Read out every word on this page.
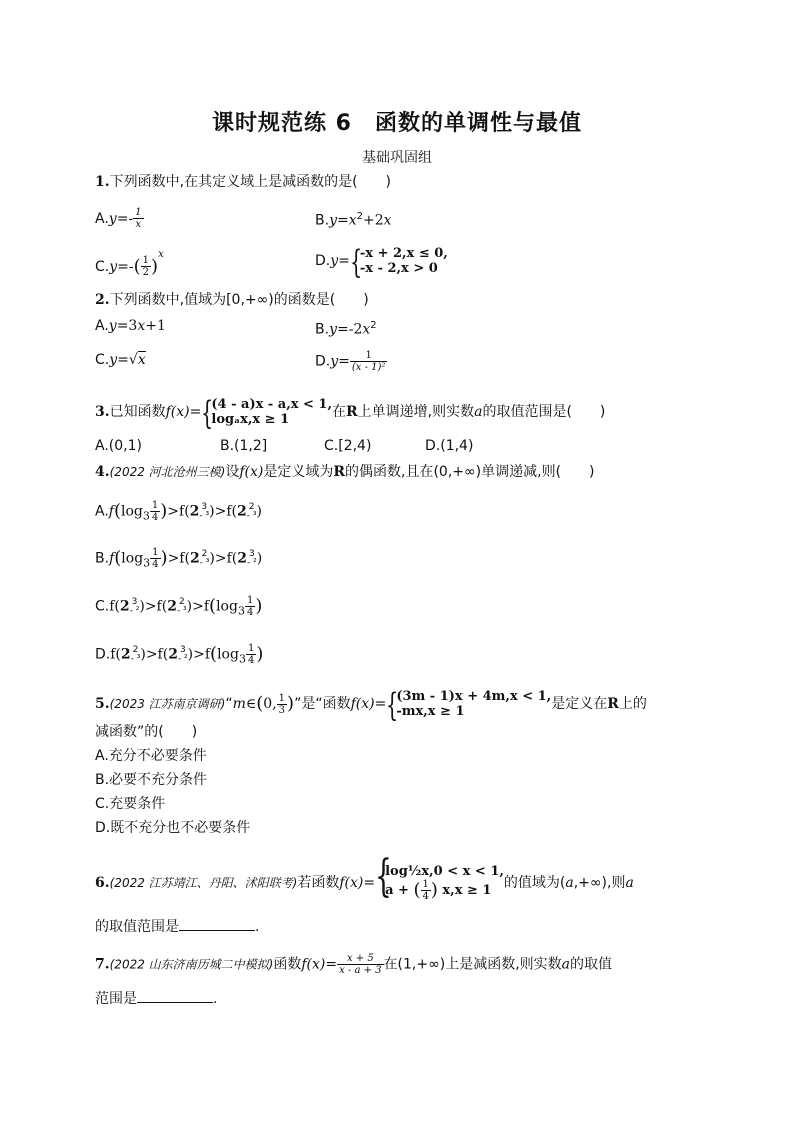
课时规范练 6　函数的单调性与最值
基础巩固组
1.下列函数中,在其定义域上是减函数的是(　　)
$A.y=- \frac{1}{x}$	$B.y=x^2+2x$
$C.y=-( \frac{1}{2} )^x$	D.y= {
-x + 2,x ≤ 0,
-x - 2,x > 0
2.下列函数中,值域为[0,+∞)的函数是(　　)
A.y=3x+1	$B.y=-2x^2$
C.y=√x	$D.y= \frac{1}{\text{(x - 1)²}}$
3.已知函数f(x)= {
(4 - a)x - a,x < 1,
logₐx,x ≥ 1	在R上单调递增,则实数a的取值范围是(　　)
A.(0,1)	B.(1,2]	C.[2,4)	D.(1,4)
4.(2022 河北沧州三模)设f(x)是定义域为R的偶函数,且在(0,+∞)单调递减,则(　　)
$A.f(\log_3 \frac{1}{4} )>f(2$ 3
- ³)>f(2 2
- ³)
$B.f(\log_3 \frac{1}{4} )>f(2$ 2
- ³)>f(2 3
- ²)
C.f(2 3
- ²)>f(2 2
- $^3)>f(\log_3 \frac{1}{4}$ )
D.f(2 2
- ³)>f(2 3
- $^2)>f(\log_3 \frac{1}{4}$ )
5.(2023 江苏南京调研)“m∈(0, $\frac{1}{3}$ )”是“函数f(x)= {
(3m - 1)x + 4m,x < 1,
-mx,x ≥ 1	是定义在R上的
减函数”的(　　)
A.充分不必要条件
B.必要不充分条件
C.充要条件
D.既不充分也不必要条件
6.(2022 江苏靖江、丹阳、沭阳联考)若函数f(x)= {
log½x,0 < x < 1,
a + ( $\frac{1}{4}$ ) x,x ≥ 1 的值域为(a,+∞),则a
的取值范围是	.
7.(2022 山东济南历城二中模拟)函数$f(x)= \frac{x + 5}{x - a + 3}$ 在(1,+∞)上是减函数,则实数a的取值
范围是	.
